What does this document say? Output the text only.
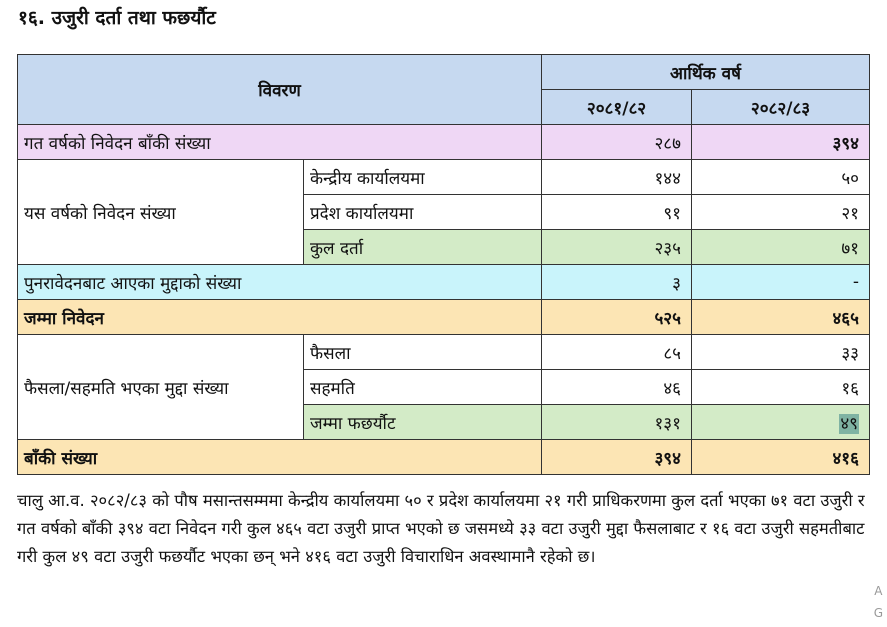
१६. उजुरी दर्ता तथा फछर्यौट
विवरण		आर्थिक वर्ष	
		२०८१/८२	२०८२/८३
गत वर्षको निवेदन बाँकी संख्या		२८७	३९४
यस वर्षको निवेदन संख्या	केन्द्रीय कार्यालयमा	१४४	५०
	प्रदेश कार्यालयमा	९१	२१
	कुल दर्ता	२३५	७१
पुनरावेदनबाट आएका मुद्दाको संख्या		३	-
जम्मा निवेदन		५२५	४६५
फैसला/सहमति भएका मुद्दा संख्या	फैसला	८५	३३
	सहमति	४६	१६
	जम्मा फछर्यौट	१३१	४९
बाँकी संख्या		३९४	४१६

चालु आ.व. २०८२/८३ को पौष मसान्तसम्ममा केन्द्रीय कार्यालयमा ५० र प्रदेश कार्यालयमा २१ गरी प्राधिकरणमा कुल दर्ता भएका ७१ वटा उजुरी र गत वर्षको बाँकी ३९४ वटा निवेदन गरी कुल ४६५ वटा उजुरी प्राप्त भएको छ जसमध्ये ३३ वटा उजुरी मुद्दा फैसलाबाट र १६ वटा उजुरी सहमतीबाट गरी कुल ४९ वटा उजुरी फछर्यौट भएका छन् भने ४१६ वटा उजुरी विचाराधिन अवस्थामानै रहेको छ।

A
G
